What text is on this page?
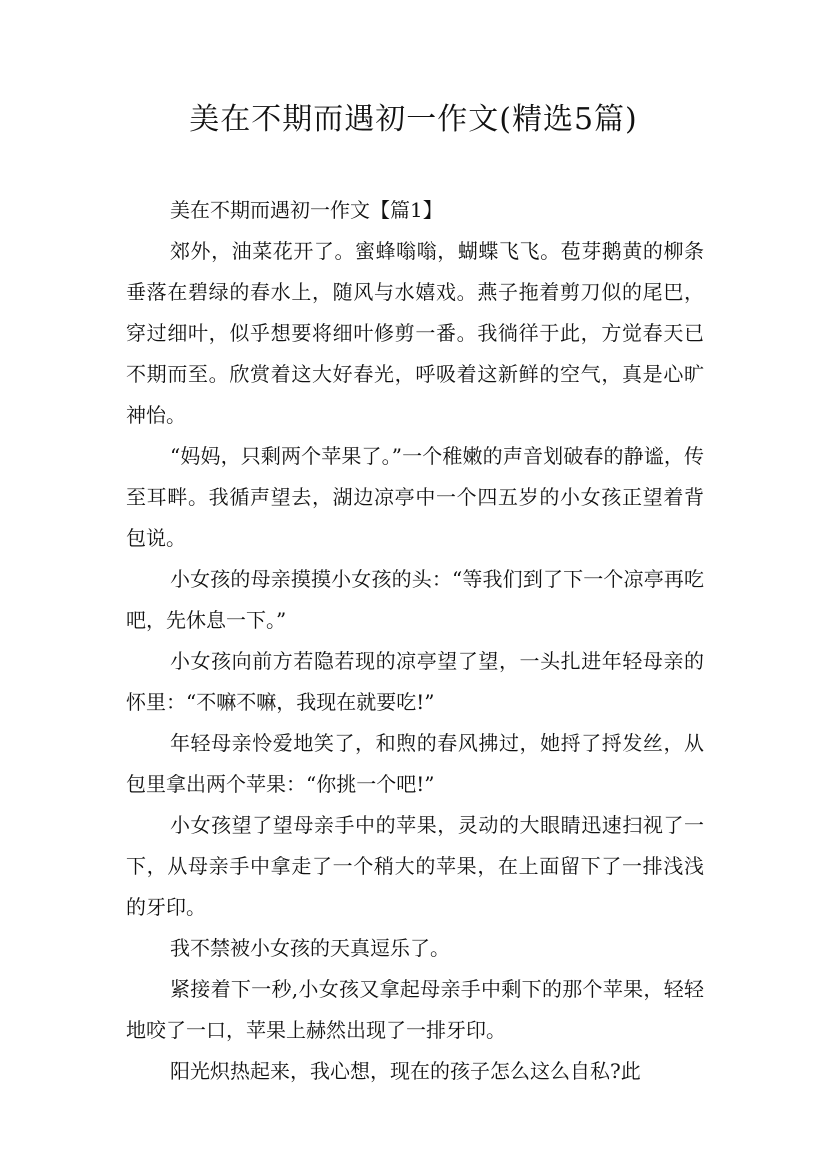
美在不期而遇初一作文(精选5篇)

美在不期而遇初一作文【篇1】

郊外，油菜花开了。蜜蜂嗡嗡，蝴蝶飞飞。苞芽鹅黄的柳条垂落在碧绿的春水上，随风与水嬉戏。燕子拖着剪刀似的尾巴，穿过细叶，似乎想要将细叶修剪一番。我徜徉于此，方觉春天已不期而至。欣赏着这大好春光，呼吸着这新鲜的空气，真是心旷神怡。

“妈妈，只剩两个苹果了。”一个稚嫩的声音划破春的静谧，传至耳畔。我循声望去，湖边凉亭中一个四五岁的小女孩正望着背包说。

小女孩的母亲摸摸小女孩的头：“等我们到了下一个凉亭再吃吧，先休息一下。”

小女孩向前方若隐若现的凉亭望了望，一头扎进年轻母亲的怀里：“不嘛不嘛，我现在就要吃!”

年轻母亲怜爱地笑了，和煦的春风拂过，她捋了捋发丝，从包里拿出两个苹果：“你挑一个吧!”

小女孩望了望母亲手中的苹果，灵动的大眼睛迅速扫视了一下，从母亲手中拿走了一个稍大的苹果，在上面留下了一排浅浅的牙印。

我不禁被小女孩的天真逗乐了。

紧接着下一秒,小女孩又拿起母亲手中剩下的那个苹果，轻轻地咬了一口，苹果上赫然出现了一排牙印。

阳光炽热起来，我心想，现在的孩子怎么这么自私?此
